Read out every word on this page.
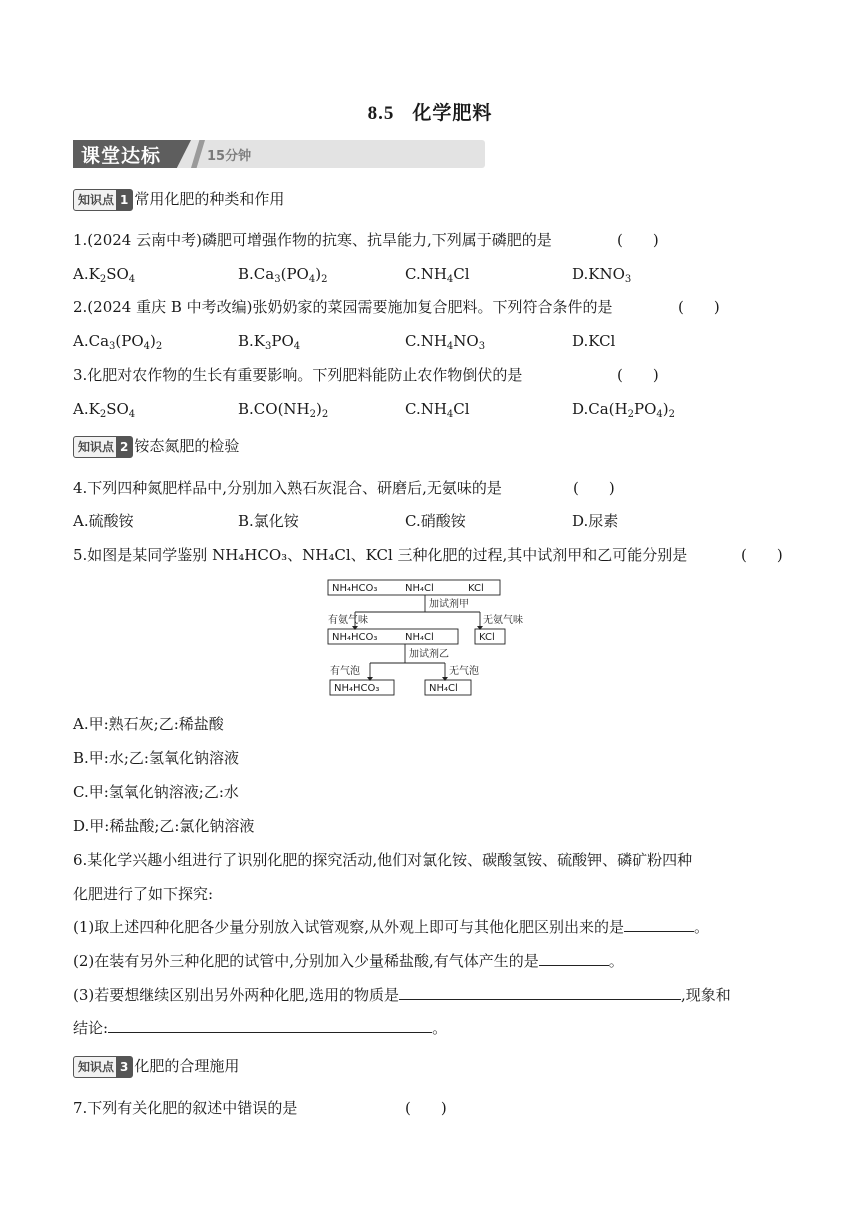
8.5 化学肥料
课堂达标	15分钟
知识点 1 常用化肥的种类和作用
1.(2024 云南中考)磷肥可增强作物的抗寒、抗旱能力,下列属于磷肥的是	(　　)
$A.K_2SO_4$	$B.Ca_3(PO_4)_2$	$C.NH_4Cl$	$D.KNO_3$
2.(2024 重庆 B 中考改编)张奶奶家的菜园需要施加复合肥料。下列符合条件的是	(　　)
$A.Ca_3(PO_4)_2$	$B.K_3PO_4$	$C.NH_4NO_3$	D.KCl
3.化肥对农作物的生长有重要影响。下列肥料能防止农作物倒伏的是	(　　)
$A.K_2SO_4$	$B.CO(NH_2)_2$	$C.NH_4Cl$	$D.Ca(H_2PO_4)_2$
知识点 2 铵态氮肥的检验
4.下列四种氮肥样品中,分别加入熟石灰混合、研磨后,无氨味的是	(　　)
A.硫酸铵	B.氯化铵	C.硝酸铵	D.尿素
5.如图是某同学鉴别 NH₄HCO₃、NH₄Cl、KCl 三种化肥的过程,其中试剂甲和乙可能分别是	(　　)
NH₄HCO₃	NH₄Cl	KCl
加试剂甲
有氨气味	无氨气味
NH₄HCO₃	NH₄Cl	KCl
加试剂乙
有气泡	无气泡
NH₄HCO₃	NH₄Cl
A.甲:熟石灰;乙:稀盐酸
B.甲:水;乙:氢氧化钠溶液
C.甲:氢氧化钠溶液;乙:水
D.甲:稀盐酸;乙:氯化钠溶液
6.某化学兴趣小组进行了识别化肥的探究活动,他们对氯化铵、碳酸氢铵、硫酸钾、磷矿粉四种
化肥进行了如下探究:
(1)取上述四种化肥各少量分别放入试管观察,从外观上即可与其他化肥区别出来的是	。
(2)在装有另外三种化肥的试管中,分别加入少量稀盐酸,有气体产生的是	。
(3)若要想继续区别出另外两种化肥,选用的物质是	,现象和
结论:	。
知识点 3 化肥的合理施用
7.下列有关化肥的叙述中错误的是	(　　)
